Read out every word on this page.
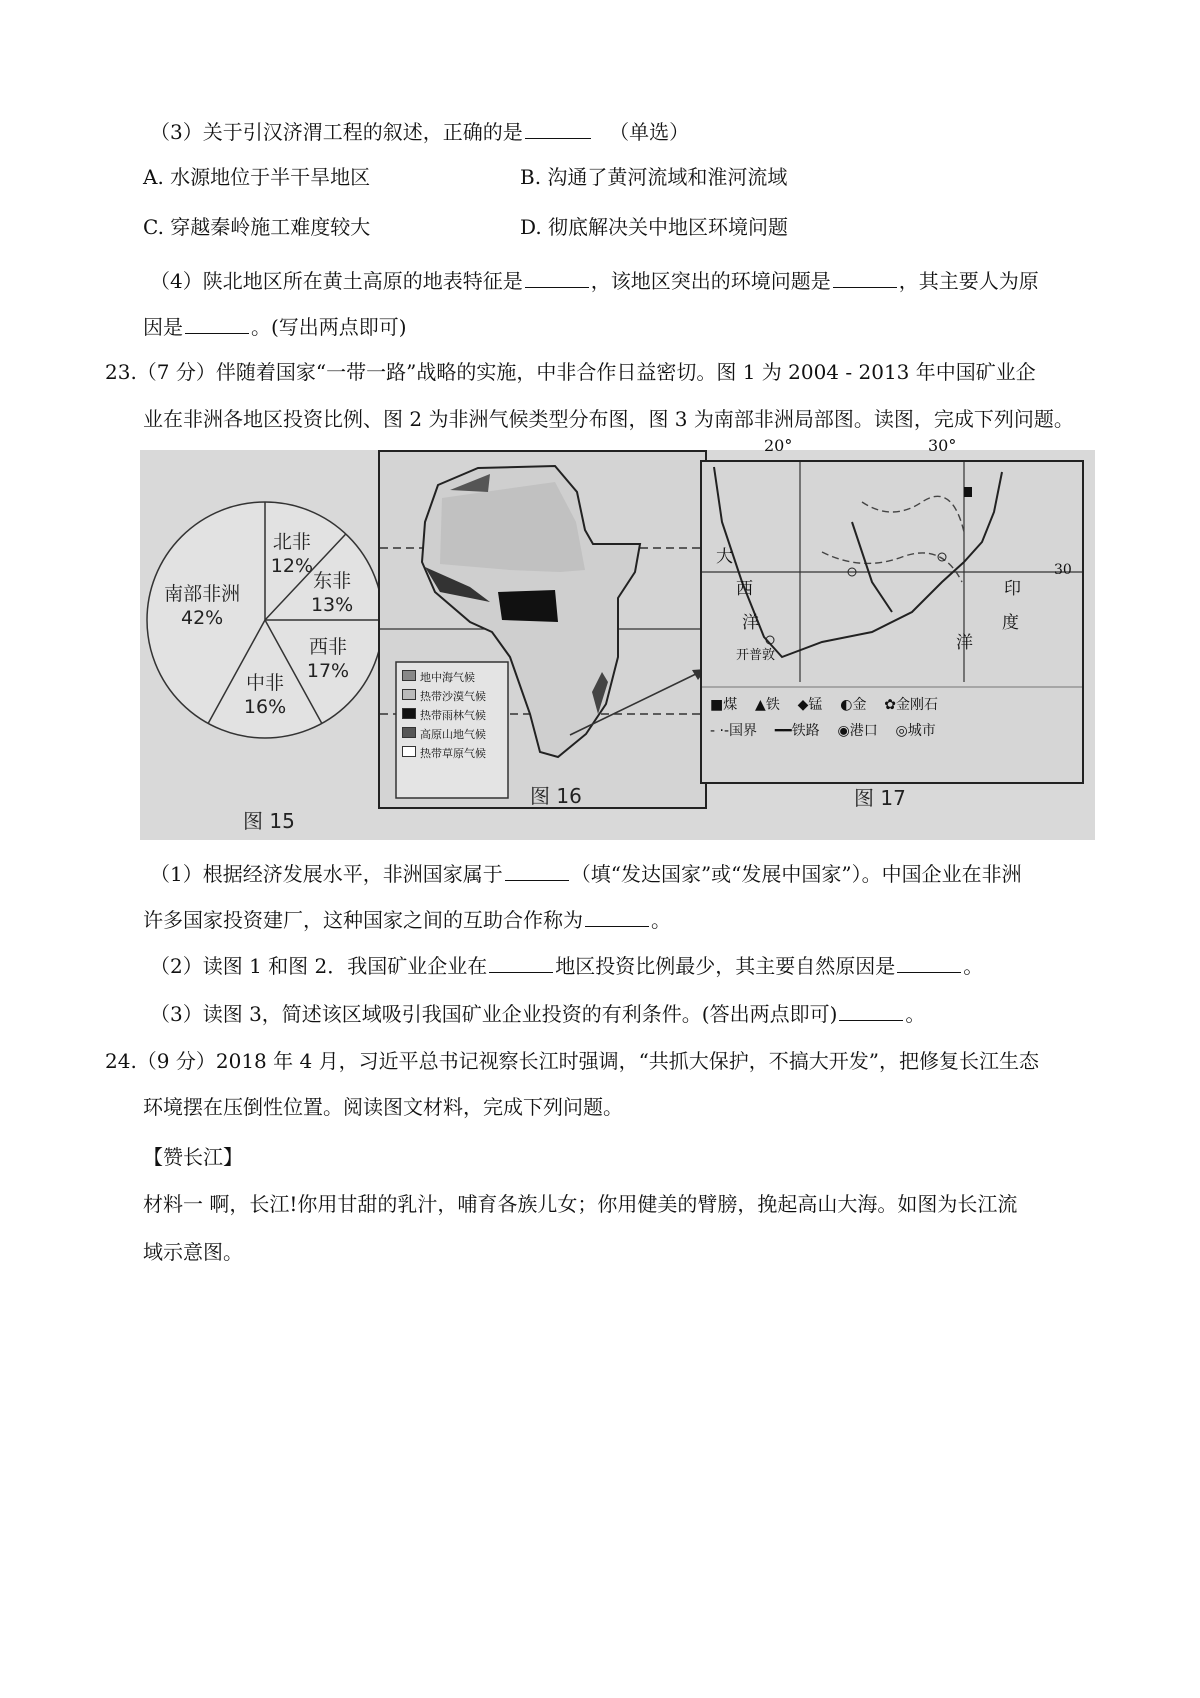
（3）关于引汉济渭工程的叙述，正确的是	（单选）
A. 水源地位于半干旱地区	B. 沟通了黄河流域和淮河流域
C. 穿越秦岭施工难度较大	D. 彻底解决关中地区环境问题
（4）陕北地区所在黄土高原的地表特征是	，该地区突出的环境问题是	，其主要人为原
因是	。(写出两点即可)
23.（7 分）伴随着国家“一带一路”战略的实施，中非合作日益密切。图 1 为 2004 - 2013 年中国矿业企
业在非洲各地区投资比例、图 2 为非洲气候类型分布图，图 3 为南部非洲局部图。读图，完成下列问题。
南部非洲
42%
北非
12%
东非
13%
西非
17%
中非
16%
图 15
地中海气候
热带沙漠气候
热带雨林气候
高原山地气候
热带草原气候
图 16
20°	30°
30
大
西
洋
印
度
洋
开普敦
■煤 ▲铁 ◆锰 ◐金 ✿金刚石
- ·-国界 ━━铁路 ◉港口 ◎城市
图 17
（1）根据经济发展水平，非洲国家属于	（填“发达国家”或“发展中国家”）。中国企业在非洲
许多国家投资建厂，这种国家之间的互助合作称为	。
（2）读图 1 和图 2．我国矿业企业在	地区投资比例最少，其主要自然原因是	。
（3）读图 3，简述该区域吸引我国矿业企业投资的有利条件。(答出两点即可)	。
24.（9 分）2018 年 4 月，习近平总书记视察长江时强调，“共抓大保护，不搞大开发”，把修复长江生态
环境摆在压倒性位置。阅读图文材料，完成下列问题。
【赞长江】
材料一 啊，长江!你用甘甜的乳汁，哺育各族儿女；你用健美的臂膀，挽起高山大海。如图为长江流
域示意图。
